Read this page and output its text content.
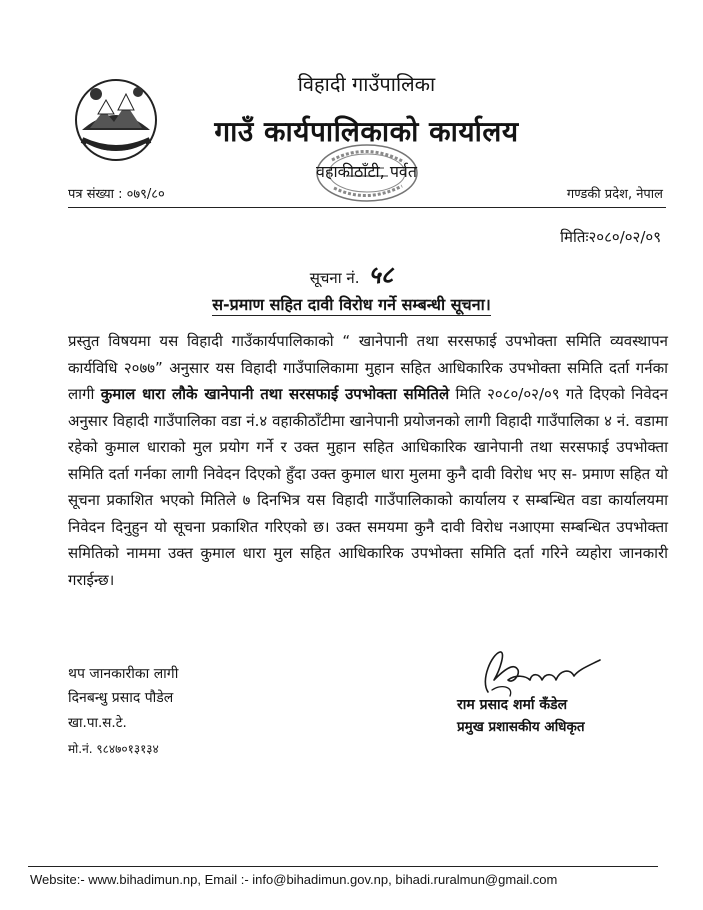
विहादी गाउँपालिका
गाउँ कार्यपालिकाको कार्यालय
वहाकीठाँटी, पर्वत
पत्र संख्या : ०७९/८०	गण्डकी प्रदेश, नेपाल
मितिः२०८०/०२/०९
सूचना नं. ५८
स-प्रमाण सहित दावी विरोध गर्ने सम्बन्धी सूचना।
प्रस्तुत विषयमा यस विहादी गाउँकार्यपालिकाको “ खानेपानी तथा सरसफाई उपभोक्ता समिति व्यवस्थापन कार्यविधि २०७७” अनुसार यस विहादी गाउँपालिकामा मुहान सहित आधिकारिक उपभोक्ता समिति दर्ता गर्नका लागी कुमाल धारा लौके खानेपानी तथा सरसफाई उपभोक्ता समितिले मिति २०८०/०२/०९ गते दिएको निवेदन अनुसार विहादी गाउँपालिका वडा नं.४ वहाकीठाँटीमा खानेपानी प्रयोजनको लागी विहादी गाउँपालिका ४ नं. वडामा रहेको कुमाल धाराको मुल प्रयोग गर्ने र उक्त मुहान सहित आधिकारिक खानेपानी तथा सरसफाई उपभोक्ता समिति दर्ता गर्नका लागी निवेदन दिएको हुँदा उक्त कुमाल धारा मुलमा कुनै दावी विरोध भए स- प्रमाण सहित यो सूचना प्रकाशित भएको मितिले ७ दिनभित्र यस विहादी गाउँपालिकाको कार्यालय र सम्बन्धित वडा कार्यालयमा निवेदन दिनुहुन यो सूचना प्रकाशित गरिएको छ। उक्त समयमा कुनै दावी विरोध नआएमा सम्बन्धित उपभोक्ता समितिको नाममा उक्त कुमाल धारा मुल सहित आधिकारिक उपभोक्ता समिति दर्ता गरिने व्यहोरा जानकारी गराईन्छ।
थप जानकारीका लागी
दिनबन्धु प्रसाद पौडेल
खा.पा.स.टे.
मो.नं. ९८४७०१३१३४
राम प्रसाद शर्मा कँडेल
प्रमुख प्रशासकीय अधिकृत
Website:- www.bihadimun.np, Email :- info@bihadimun.gov.np, bihadi.ruralmun@gmail.com
